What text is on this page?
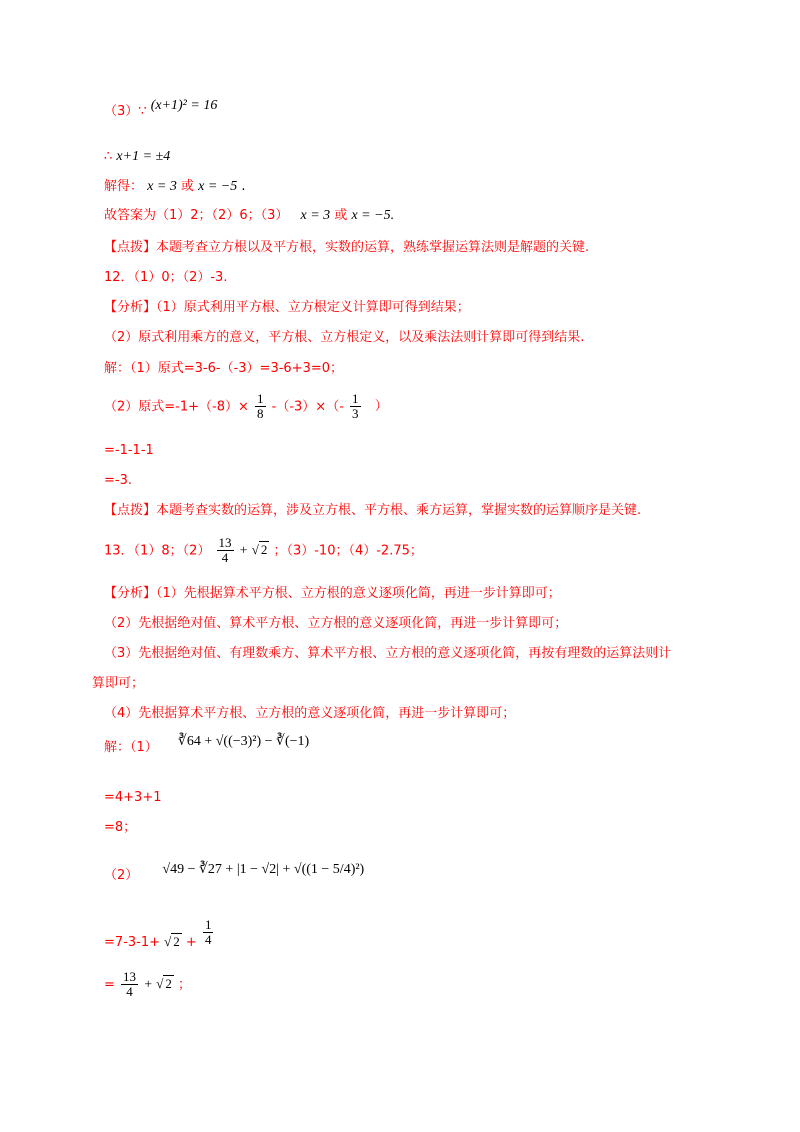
（3）∵ (x+1)² = 16
∴ x+1 = ±4
解得： x = 3 或 x = −5 .
故答案为（1）2；（2）6；（3） x = 3 或 x = −5.
【点拨】本题考查立方根以及平方根，实数的运算，熟练掌握运算法则是解题的关键.
12．（1）0；（2）-3.
【分析】（1）原式利用平方根、立方根定义计算即可得到结果；
（2）原式利用乘方的意义，平方根、立方根定义，以及乘法法则计算即可得到结果.
解：（1）原式=3-6-（-3）=3-6+3=0；
（2）原式$=-1+(-8)\times \frac{1}{8} -(-3)\times(- \frac{1}{3}$ ）
=-1-1-1
=-3.
【点拨】本题考查实数的运算，涉及立方根、平方根、乘方运算，掌握实数的运算顺序是关键.
13．（1）8；$(2) \frac{13}{4}$ + √ 2 ；（3）-10；（4）-2.75；
【分析】（1）先根据算术平方根、立方根的意义逐项化简，再进一步计算即可；
（2）先根据绝对值、算术平方根、立方根的意义逐项化简，再进一步计算即可；
（3）先根据绝对值、有理数乘方、算术平方根、立方根的意义逐项化简，再按有理数的运算法则计
算即可；
（4）先根据算术平方根、立方根的意义逐项化简，再进一步计算即可；
解：（1） ∛64 + √((−3)²) − ∛(−1)
=4+3+1
=8；
（2） √49 − ∛27 + |1 − √2| + √((1 − 5/4)²)
=7-3-1+ √ $2 + \frac{1}{4}$
= $\frac{13}{4}$ + √ 2 ；
